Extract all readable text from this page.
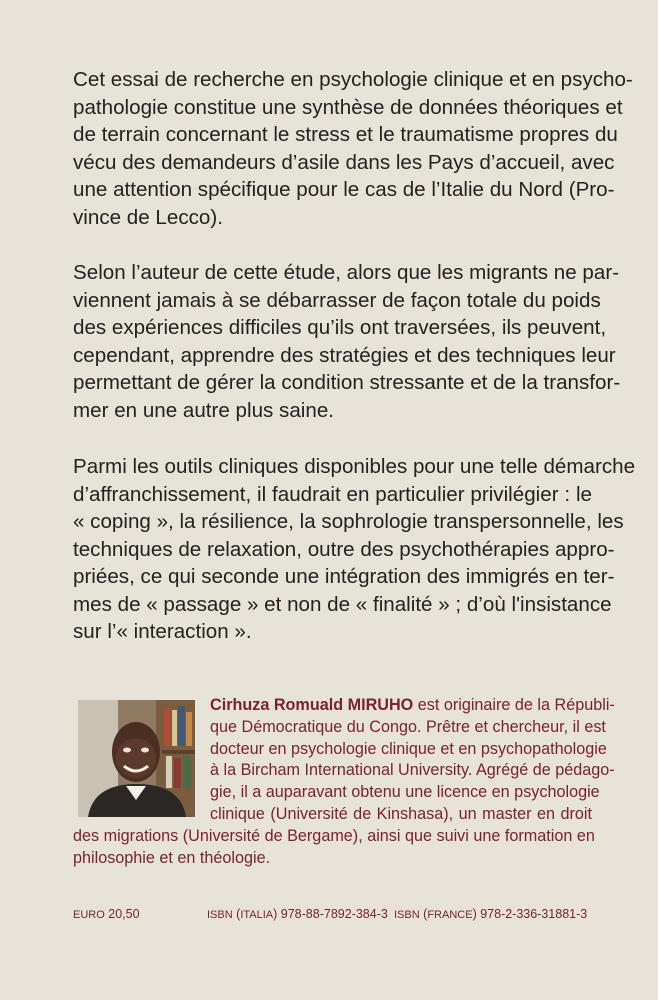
Cet essai de recherche en psychologie clinique et en psycho-
pathologie constitue une synthèse de données théoriques et
de terrain concernant le stress et le traumatisme propres du
vécu des demandeurs d’asile dans les Pays d’accueil, avec
une attention spécifique pour le cas de l’Italie du Nord (Pro-
vince de Lecco).
Selon l’auteur de cette étude, alors que les migrants ne par-
viennent jamais à se débarrasser de façon totale du poids
des expériences difficiles qu’ils ont traversées, ils peuvent,
cependant, apprendre des stratégies et des techniques leur
permettant de gérer la condition stressante et de la transfor-
mer en une autre plus saine.
Parmi les outils cliniques disponibles pour une telle démarche
d’affranchissement, il faudrait en particulier privilégier : le
« coping », la résilience, la sophrologie transpersonnelle, les
techniques de relaxation, outre des psychothérapies appro-
priées, ce qui seconde une intégration des immigrés en ter-
mes de « passage » et non de « finalité » ; d’où l'insistance
sur l’« interaction ».
Cirhuza Romuald MIRUHO est originaire de la Républi-
que Démocratique du Congo. Prêtre et chercheur, il est
docteur en psychologie clinique et en psychopathologie
à la Bircham International University. Agrégé de pédago-
gie, il a auparavant obtenu une licence en psychologie
clinique (Université de Kinshasa), un master en droit
des migrations (Université de Bergame), ainsi que suivi une formation en
philosophie et en théologie.
EURO 20,50	ISBN (ITALIA) 978-88-7892-384-3 ISBN (FRANCE) 978-2-336-31881-3
